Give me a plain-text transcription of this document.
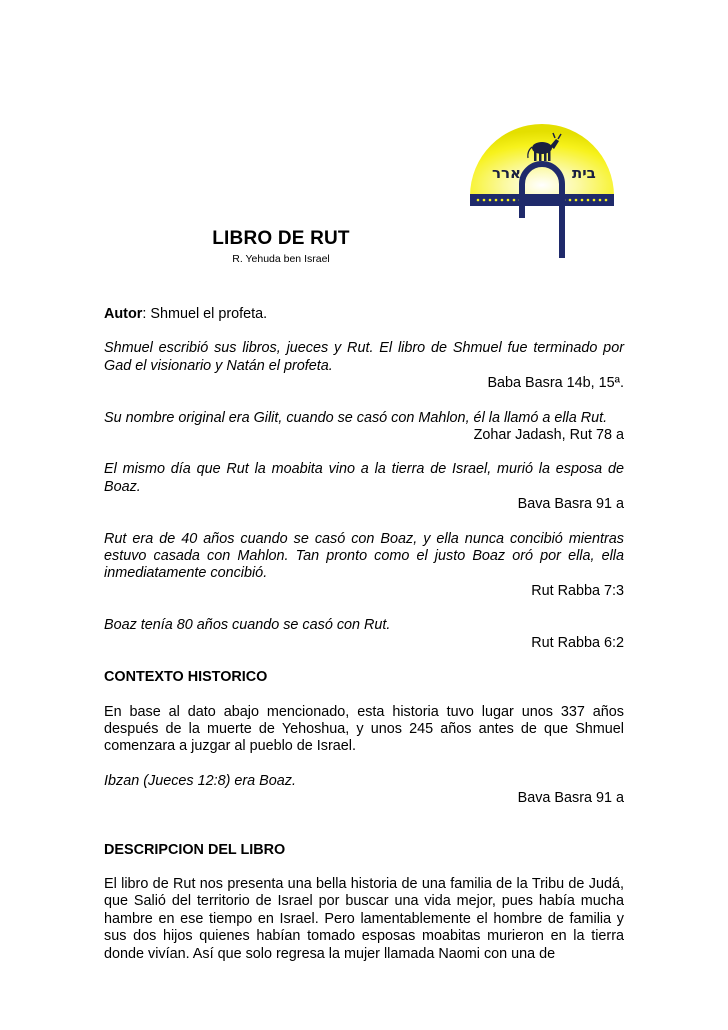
ארר	בית
LIBRO DE RUT
R. Yehuda ben Israel

Autor: Shmuel el profeta.

Shmuel escribió sus libros, jueces y Rut. El libro de Shmuel fue terminado por Gad el visionario y Natán el profeta.

Baba Basra 14b, 15ª.

Su nombre original era Gilit, cuando se casó con Mahlon, él la llamó a ella Rut.

Zohar Jadash, Rut 78 a

El mismo día que Rut la moabita vino a la tierra de Israel, murió la esposa de Boaz.

Bava Basra 91 a

Rut era de 40 años cuando se casó con Boaz, y ella nunca concibió mientras estuvo casada con Mahlon. Tan pronto como el justo Boaz oró por ella, ella inmediatamente concibió.

Rut Rabba 7:3

Boaz tenía 80 años cuando se casó con Rut.

Rut Rabba 6:2

CONTEXTO HISTORICO

En base al dato abajo mencionado, esta historia tuvo lugar unos 337 años después de la muerte de Yehoshua, y unos 245 años antes de que Shmuel comenzara a juzgar al pueblo de Israel.

Ibzan (Jueces 12:8) era Boaz.

Bava Basra 91 a

DESCRIPCION DEL LIBRO

El libro de Rut nos presenta una bella historia de una familia de la Tribu de Judá, que Salió del territorio de Israel por buscar una vida mejor, pues había mucha hambre en ese tiempo en Israel. Pero lamentablemente el hombre de familia y sus dos hijos quienes habían tomado esposas moabitas murieron en la tierra donde vivían. Así que solo regresa la mujer llamada Naomi con una de
